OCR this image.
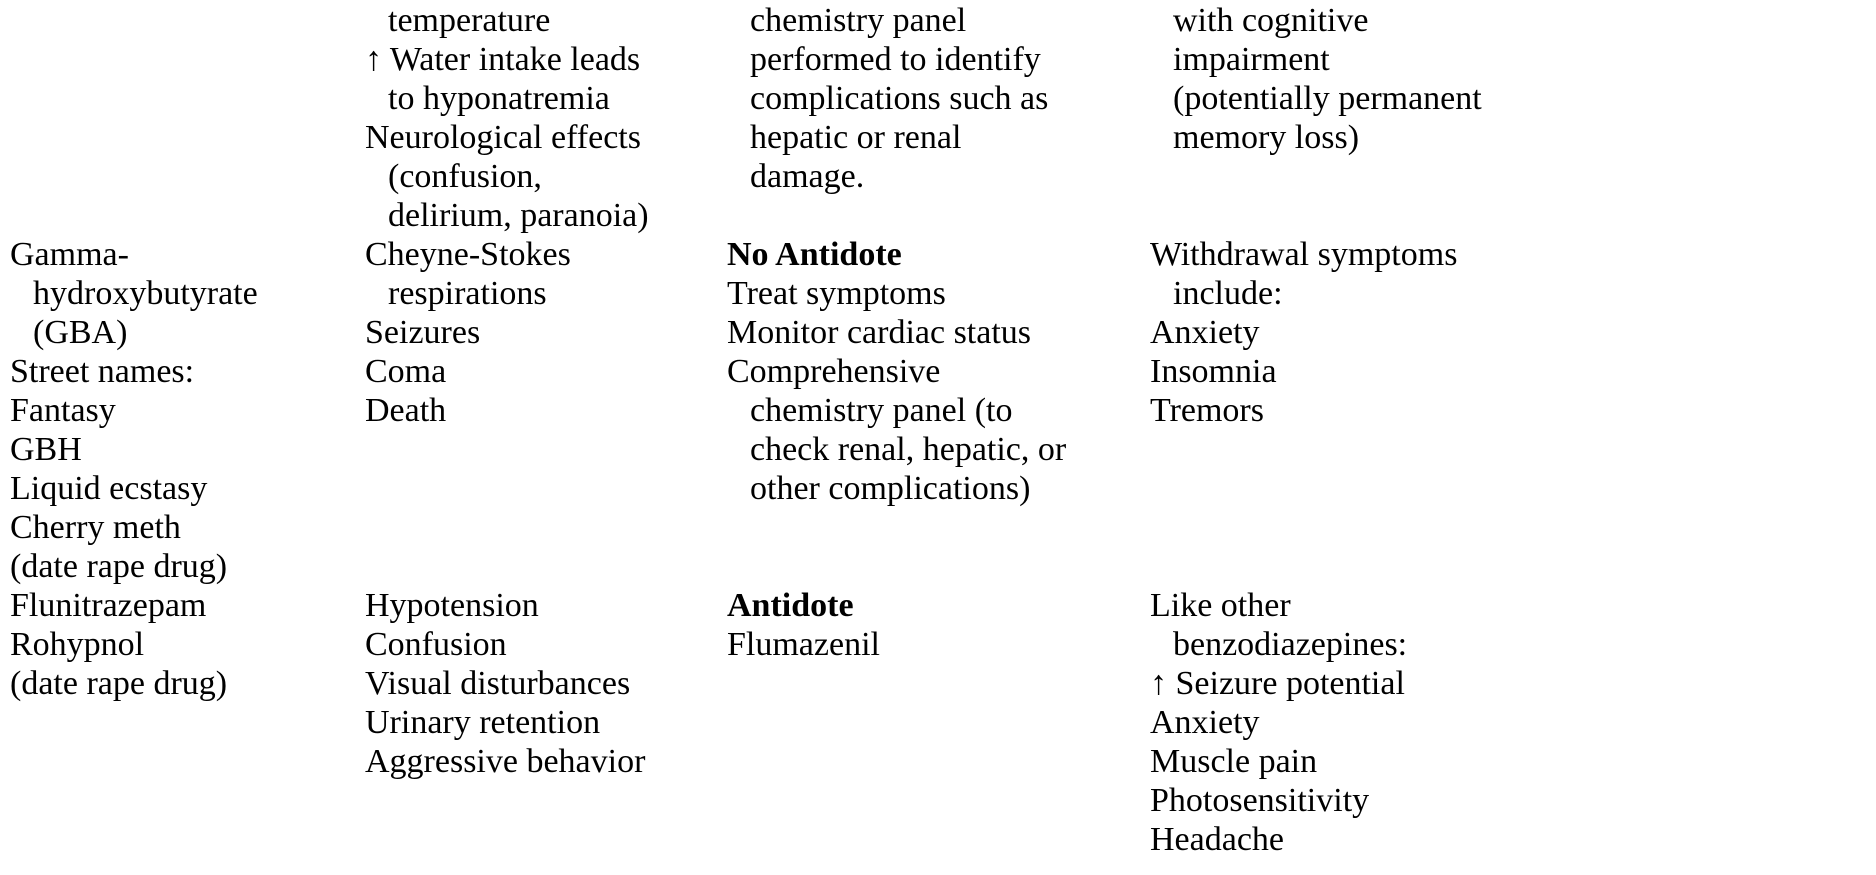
temperature
↑ Water intake leads
to hyponatremia
Neurological effects
(confusion,
delirium, paranoia)
chemistry panel
performed to identify
complications such as
hepatic or renal
damage.
with cognitive
impairment
(potentially permanent
memory loss)
Gamma-
hydroxybutyrate
(GBA)
Street names:
Fantasy
GBH
Liquid ecstasy
Cherry meth
(date rape drug)
Cheyne-Stokes
respirations
Seizures
Coma
Death
No Antidote
Treat symptoms
Monitor cardiac status
Comprehensive
chemistry panel (to
check renal, hepatic, or
other complications)
Withdrawal symptoms
include:
Anxiety
Insomnia
Tremors
Flunitrazepam
Rohypnol
(date rape drug)
Hypotension
Confusion
Visual disturbances
Urinary retention
Aggressive behavior
Antidote
Flumazenil
Like other
benzodiazepines:
↑ Seizure potential
Anxiety
Muscle pain
Photosensitivity
Headache
